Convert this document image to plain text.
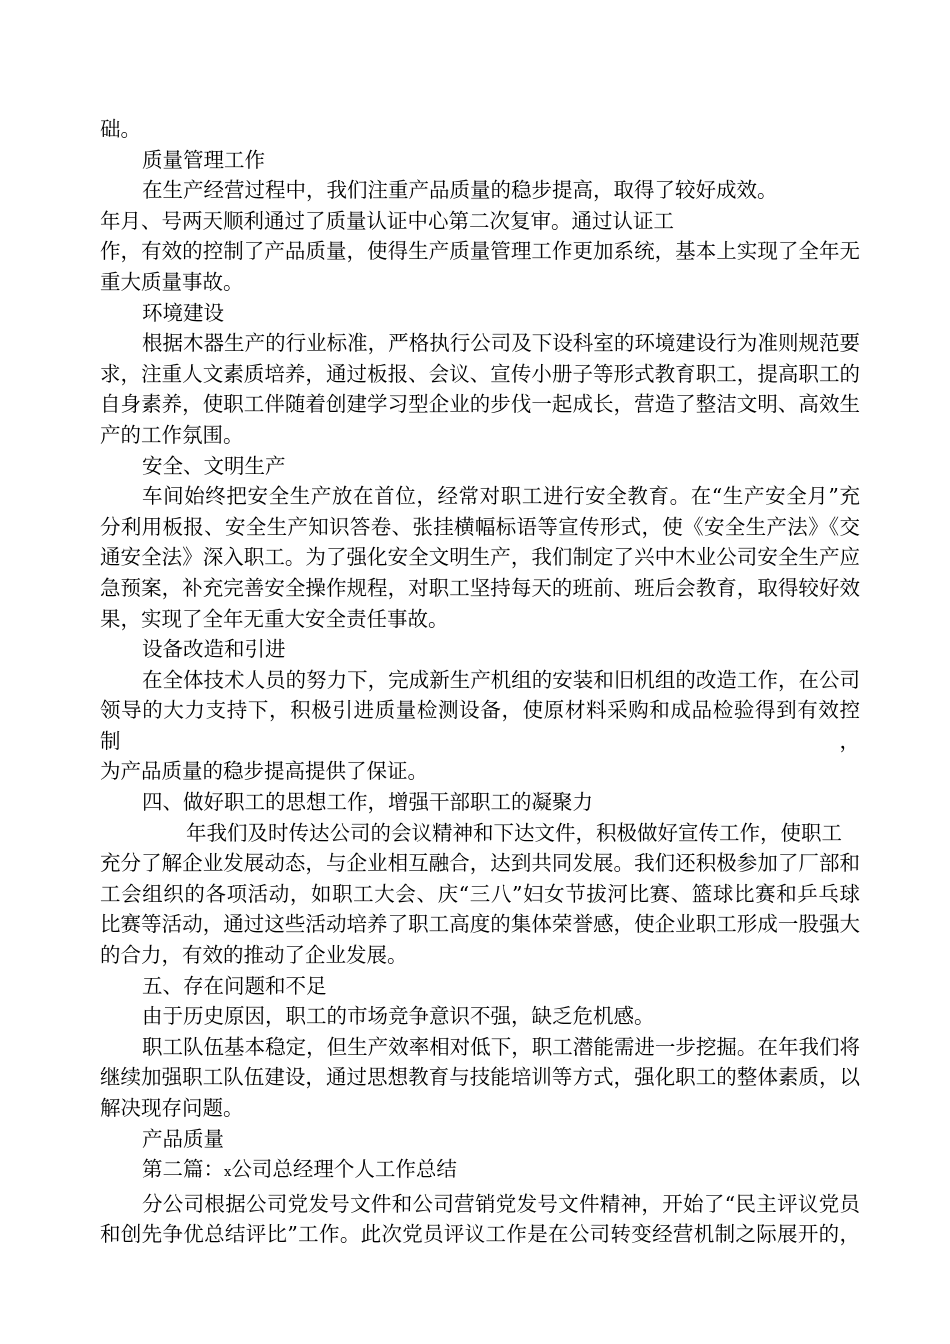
础。

质量管理工作

在生产经营过程中，我们注重产品质量的稳步提高，取得了较好成效。

年月、号两天顺利通过了质量认证中心第二次复审。通过认证工

作，有效的控制了产品质量，使得生产质量管理工作更加系统，基本上实现了全年无

重大质量事故。

环境建设

根据木器生产的行业标准，严格执行公司及下设科室的环境建设行为准则规范要

求，注重人文素质培养，通过板报、会议、宣传小册子等形式教育职工，提高职工的

自身素养，使职工伴随着创建学习型企业的步伐一起成长，营造了整洁文明、高效生

产的工作氛围。

安全、文明生产

车间始终把安全生产放在首位，经常对职工进行安全教育。在“生产安全月”充

分利用板报、安全生产知识答卷、张挂横幅标语等宣传形式，使《安全生产法》《交

通安全法》深入职工。为了强化安全文明生产，我们制定了兴中木业公司安全生产应

急预案，补充完善安全操作规程，对职工坚持每天的班前、班后会教育，取得较好效

果，实现了全年无重大安全责任事故。

设备改造和引进

在全体技术人员的努力下，完成新生产机组的安装和旧机组的改造工作，在公司

领导的大力支持下，积极引进质量检测设备，使原材料采购和成品检验得到有效控制，

为产品质量的稳步提高提供了保证。

四、做好职工的思想工作，增强干部职工的凝聚力

年我们及时传达公司的会议精神和下达文件，积极做好宣传工作，使职工

充分了解企业发展动态，与企业相互融合，达到共同发展。我们还积极参加了厂部和

工会组织的各项活动，如职工大会、庆“三八”妇女节拔河比赛、篮球比赛和乒乓球

比赛等活动，通过这些活动培养了职工高度的集体荣誉感，使企业职工形成一股强大

的合力，有效的推动了企业发展。

五、存在问题和不足

由于历史原因，职工的市场竞争意识不强，缺乏危机感。

职工队伍基本稳定，但生产效率相对低下，职工潜能需进一步挖掘。在年我们将

继续加强职工队伍建设，通过思想教育与技能培训等方式，强化职工的整体素质，以

解决现存问题。

产品质量

第二篇：x公司总经理个人工作总结

分公司根据公司党发号文件和公司营销党发号文件精神，开始了“民主评议党员

和创先争优总结评比”工作。此次党员评议工作是在公司转变经营机制之际展开的，
